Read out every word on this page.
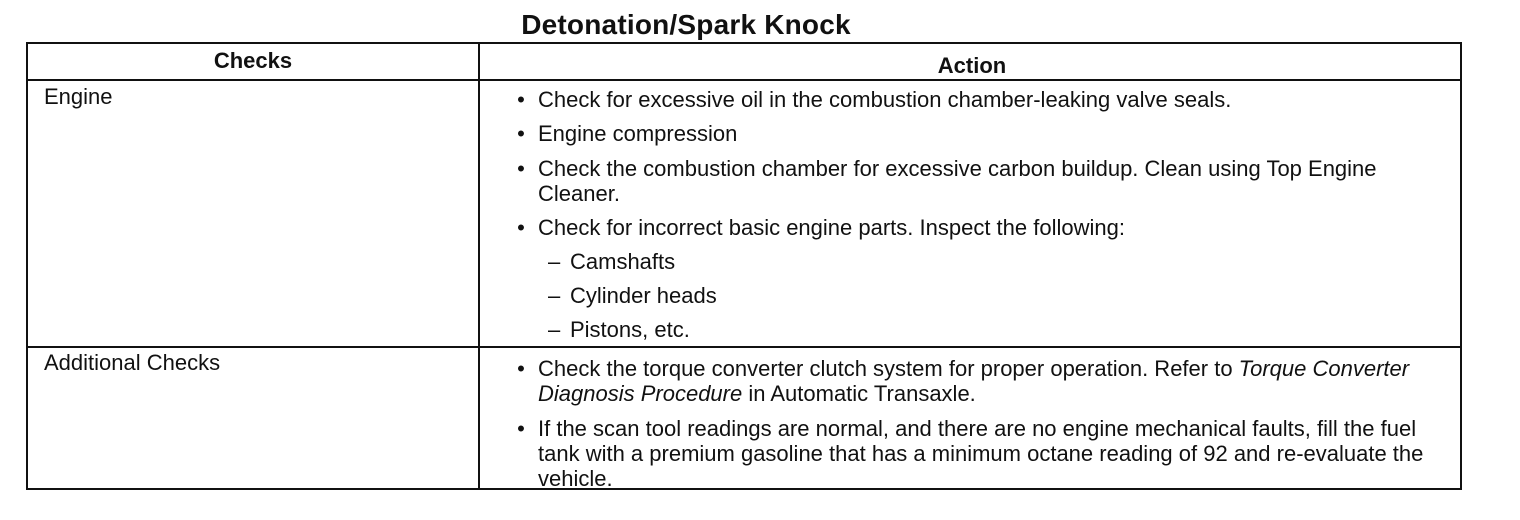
Detonation/Spark Knock
Checks	Action
Engine	• Check for excessive oil in the combustion chamber-leaking valve seals.
• Engine compression
• Check the combustion chamber for excessive carbon buildup. Clean using Top Engine Cleaner.
• Check for incorrect basic engine parts. Inspect the following:
– Camshafts
– Cylinder heads
– Pistons, etc.
Additional Checks	• Check the torque converter clutch system for proper operation. Refer to Torque Converter Diagnosis Procedure in Automatic Transaxle.
• If the scan tool readings are normal, and there are no engine mechanical faults, fill the fuel tank with a premium gasoline that has a minimum octane reading of 92 and re-evaluate the vehicle.
